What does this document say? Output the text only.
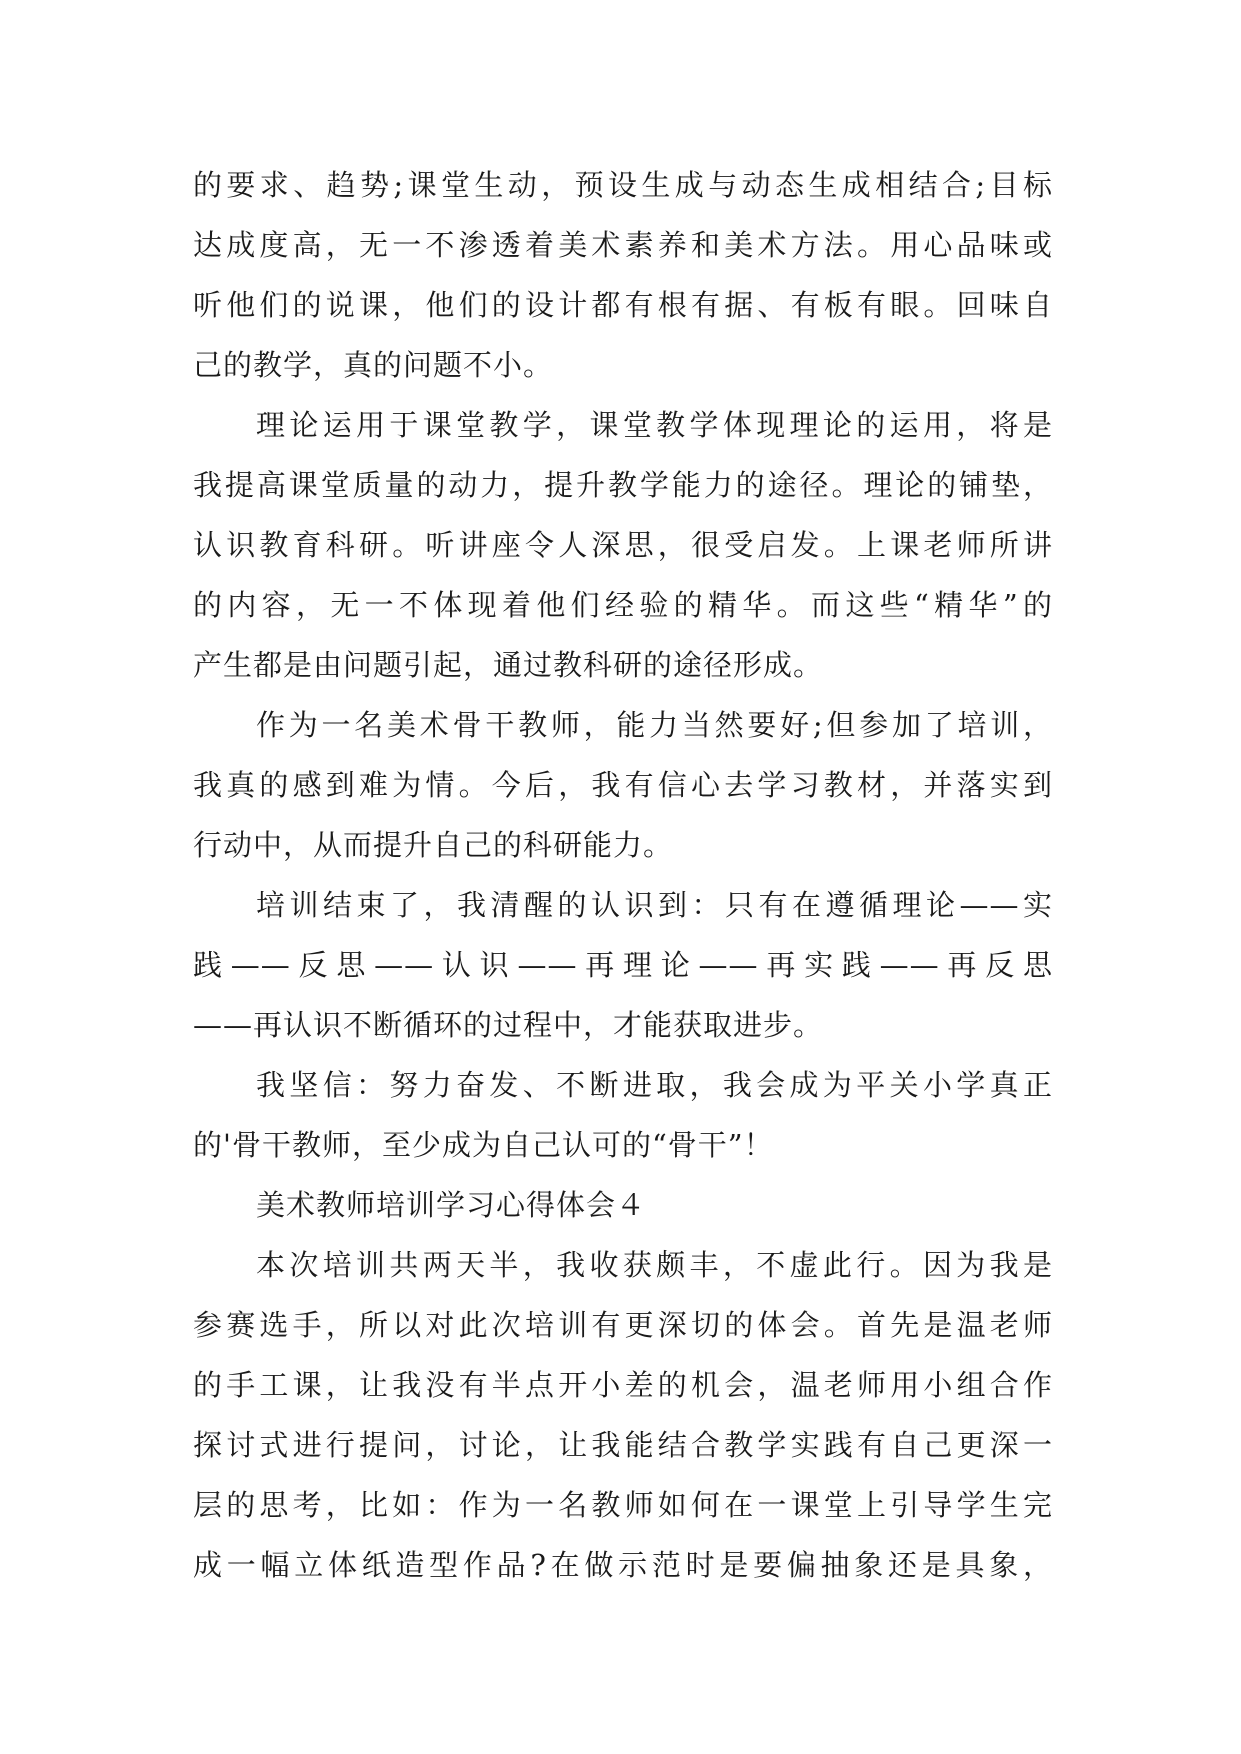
的要求、趋势;课堂生动，预设生成与动态生成相结合;目标
达成度高，无一不渗透着美术素养和美术方法。用心品味或
听他们的说课，他们的设计都有根有据、有板有眼。回味自
己的教学，真的问题不小。
理论运用于课堂教学，课堂教学体现理论的运用，将是
我提高课堂质量的动力，提升教学能力的途径。理论的铺垫，
认识教育科研。听讲座令人深思，很受启发。上课老师所讲
的内容，无一不体现着他们经验的精华。而这些“精华”的
产生都是由问题引起，通过教科研的途径形成。
作为一名美术骨干教师，能力当然要好;但参加了培训，
我真的感到难为情。今后，我有信心去学习教材，并落实到
行动中，从而提升自己的科研能力。
培训结束了，我清醒的认识到：只有在遵循理论——实
践——反思——认识——再理论——再实践——再反思
——再认识不断循环的过程中，才能获取进步。
我坚信：努力奋发、不断进取，我会成为平关小学真正
的'骨干教师，至少成为自己认可的“骨干”！
美术教师培训学习心得体会４
本次培训共两天半，我收获颇丰，不虚此行。因为我是
参赛选手，所以对此次培训有更深切的体会。首先是温老师
的手工课，让我没有半点开小差的机会，温老师用小组合作
探讨式进行提问，讨论，让我能结合教学实践有自己更深一
层的思考，比如：作为一名教师如何在一课堂上引导学生完
成一幅立体纸造型作品?在做示范时是要偏抽象还是具象，
